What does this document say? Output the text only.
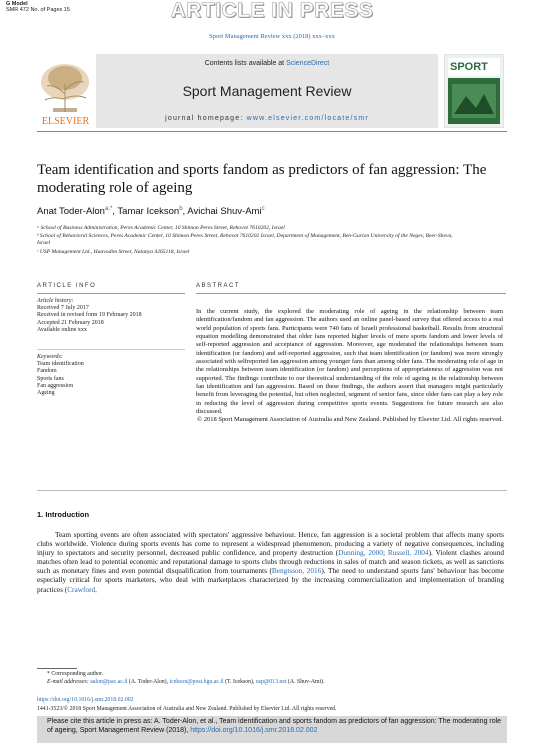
G Model
SMR 472 No. of Pages 15	ARTICLE IN PRESS
Sport Management Review xxx (2018) xxx–xxx
ELSEVIER
Contents lists available at ScienceDirect
Sport Management Review
journal homepage: www.elsevier.com/locate/smr
SPORT
Team identification and sports fandom as predictors of fan aggression: The moderating role of ageing
Anat Toder-Alon$^{a,*}$, Tamar Icekson$^b$, Avichai Shuv-Ami$^c$
ᵃ School of Business Administration, Peres Academic Center, 10 Shimon Peres Street, Rehovot 7610202, Israel
ᵇ School of Behavioral Sciences, Peres Academic Center, 10 Shimon Peres Street, Rehovot 7610202 Israel, Department of Management, Ben-Gurion University of the Negev, Beer-Sheva, Israel
ᶜ USP Management Ltd., Haavodim Street, Natanya 4265118, Israel
ARTICLE INFO
Article history:
Received 7 July 2017
Received in revised form 19 February 2018
Accepted 21 February 2018
Available online xxx
Keywords:
Team identification
Fandom
Sports fans
Fan aggression
Ageing
ABSTRACT
In the current study, the explored the moderating role of ageing in the relationship between team identification/fandom and fan aggression. The authors used an online panel-based survey that offered access to a real world population of sports fans. Participants were 740 fans of Israeli professional basketball. Results from structural equation modelling demonstrated that older fans reported higher levels of mere sports fandom and lower levels of self-reported aggression and acceptance of aggression. Moreover, age moderated the relationships between team identification (or fandom) and self-reported aggression, such that team identification (or fandom) was more strongly associated with selfreported fan aggression among younger fans than among older fans. The moderating role of age in the relationships between team identification (or fandom) and perceptions of appropriateness of aggression was not supported. The findings contribute to our theoretical understanding of the role of ageing in the relationship between fan identification and fan aggression. Based on these findings, the authors assert that managers might particularly benefit from leveraging the potential, but often neglected, segment of senior fans, since older fans can play a key role in reducing the level of aggression during competitive sports events. Suggestions for future research are also discussed.
© 2018 Sport Management Association of Australia and New Zealand. Published by Elsevier Ltd. All rights reserved.
1. Introduction
Team sporting events are often associated with spectators' aggressive behaviour. Hence, fan aggression is a societal problem that affects many sports clubs worldwide. Violence during sports events has come to represent a widespread phenomenon, producing a variety of negative consequences, including injury to spectators and security personnel, decreased public confidence, and property destruction (Dunning, 2000; Russell, 2004). Violent clashes around matches often lead to potential economic and reputational damage to sports clubs through reductions in sales of match and season tickets, as well as sanctions such as monetary fines and even potential disqualification from tournaments (Bengtsson, 2016). The need to understand sports fans' behaviour has become especially critical for sports marketers, who deal with marketplaces characterized by the increasing commercialization and implementation of branding practices (Crawford,
* Corresponding author.
E-mail addresses: aalon@pac.ac.il (A. Toder-Alon), icekson@post.bgu.ac.il (T. Icekson), usp@013.net (A. Shuv-Ami).
https://doi.org/10.1016/j.smr.2018.02.002
1441-3523/© 2018 Sport Management Association of Australia and New Zealand. Published by Elsevier Ltd. All rights reserved.
Please cite this article in press as: A. Toder-Alon, et al., Team identification and sports fandom as predictors of fan aggression: The moderating role of ageing, Sport Management Review (2018), https://doi.org/10.1016/j.smr.2018.02.002
